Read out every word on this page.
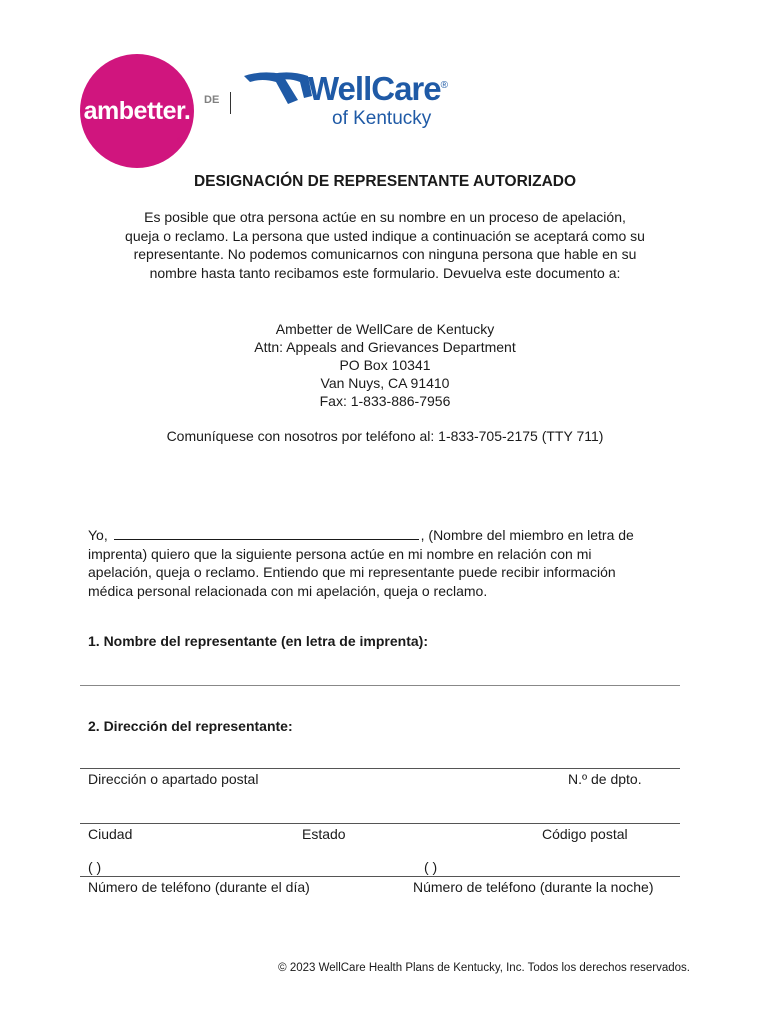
ambetter.
®
DE	WellCare®
of Kentucky
DESIGNACIÓN DE REPRESENTANTE AUTORIZADO
Es posible que otra persona actúe en su nombre en un proceso de apelación,
queja o reclamo. La persona que usted indique a continuación se aceptará como su
representante. No podemos comunicarnos con ninguna persona que hable en su
nombre hasta tanto recibamos este formulario. Devuelva este documento a:
Ambetter de WellCare de Kentucky
Attn: Appeals and Grievances Department
PO Box 10341
Van Nuys, CA 91410
Fax: 1-833-886-7956
Comuníquese con nosotros por teléfono al: 1-833-705-2175 (TTY 711)
Yo,	, (Nombre del miembro en letra de
imprenta) quiero que la siguiente persona actúe en mi nombre en relación con mi
apelación, queja o reclamo. Entiendo que mi representante puede recibir información
médica personal relacionada con mi apelación, queja o reclamo.
1. Nombre del representante (en letra de imprenta):
2. Dirección del representante:
Dirección o apartado postal	N.º de dpto.
Ciudad	Estado	Código postal
( )	( )
Número de teléfono (durante el día)	Número de teléfono (durante la noche)
© 2023 WellCare Health Plans de Kentucky, Inc. Todos los derechos reservados.
